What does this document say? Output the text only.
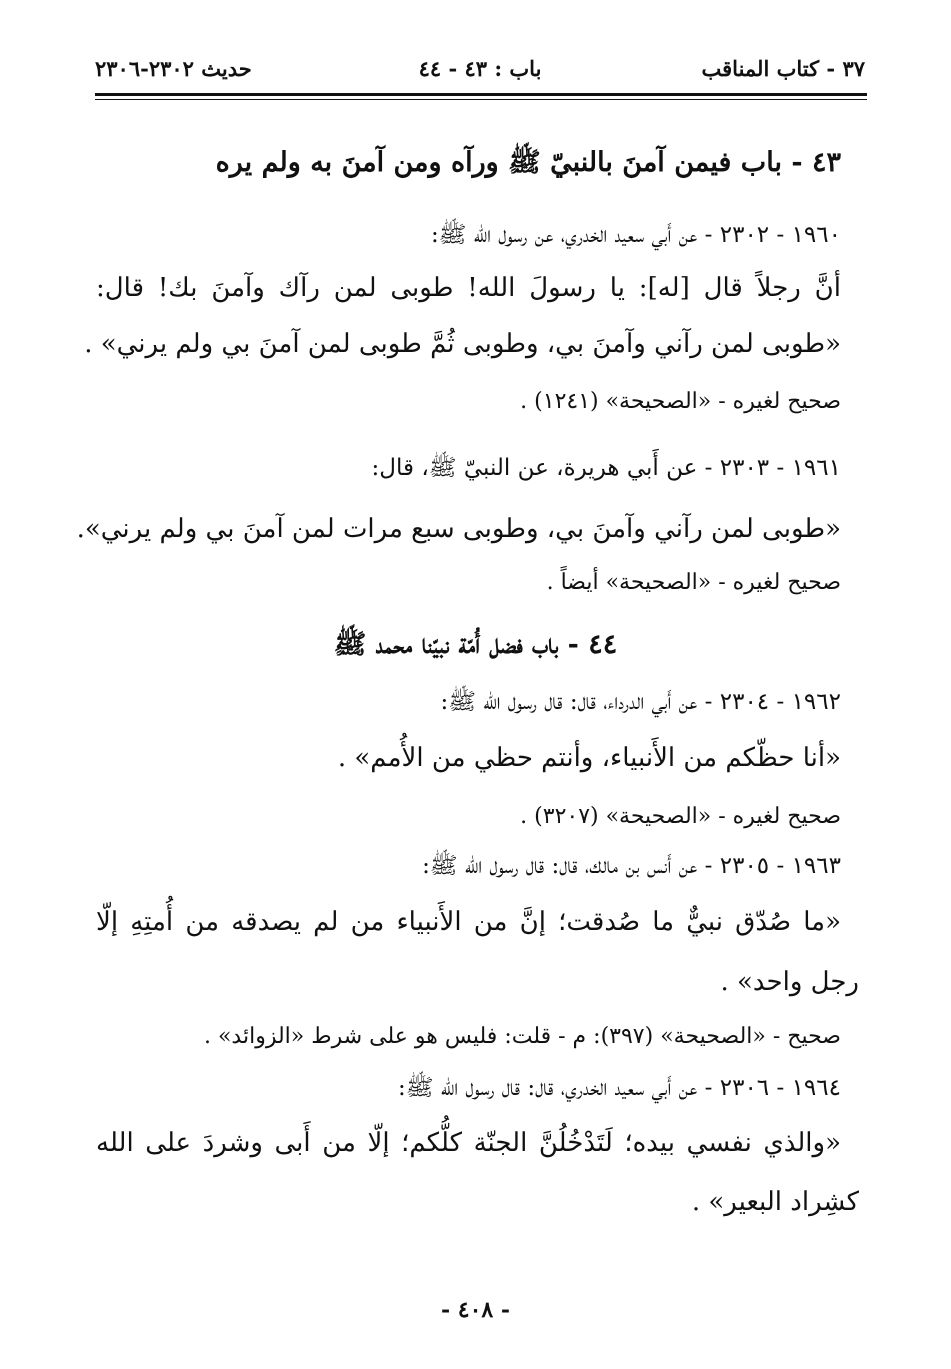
٣٧ - كتاب المناقب
باب : ٤٣ - ٤٤
حديث ٢٣٠٢-٢٣٠٦
٤٣ - باب فيمن آمنَ بالنبيّ ﷺ ورآه ومن آمنَ به ولم يره
١٩٦٠ - ٢٣٠٢ - عن أَبي سعيد الخدري، عن رسول الله ﷺ:
أنَّ رجلاً قال [له]: يا رسولَ الله! طوبى لمن رآك وآمنَ بك! قال:
«طوبى لمن رآني وآمنَ بي، وطوبى ثُمَّ طوبى لمن آمنَ بي ولم يرني» .
صحيح لغيره - «الصحيحة» (١٢٤١) .
١٩٦١ - ٢٣٠٣ - عن أَبي هريرة، عن النبيّ ﷺ، قال:
«طوبى لمن رآني وآمنَ بي، وطوبى سبع مرات لمن آمنَ بي ولم يرني».
صحيح لغيره - «الصحيحة» أيضاً .
٤٤ - باب فضل أُمّة نبيّنا محمد ﷺ
١٩٦٢ - ٢٣٠٤ - عن أَبي الدرداء، قال: قال رسول الله ﷺ:
«أنا حظّكم من الأَنبياء، وأنتم حظي من الأُمم» .
صحيح لغيره - «الصحيحة» (٣٢٠٧) .
١٩٦٣ - ٢٣٠٥ - عن أَنس بن مالك، قال: قال رسول الله ﷺ:
«ما صُدّق نبيٌّ ما صُدقت؛ إنَّ من الأَنبياء من لم يصدقه من أُمتِهِ إلّا
رجل واحد» .
صحيح - «الصحيحة» (٣٩٧): م - قلت: فليس هو على شرط «الزوائد» .
١٩٦٤ - ٢٣٠٦ - عن أَبي سعيد الخدري، قال: قال رسول الله ﷺ:
«والذي نفسي بيده؛ لَتَدْخُلُنَّ الجنّة كلُّكم؛ إلّا من أَبى وشردَ على الله
كشِراد البعير» .
- ٤٠٨ -
